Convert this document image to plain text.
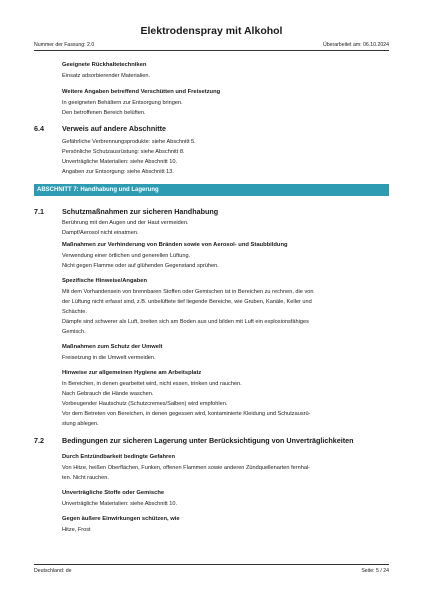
Elektrodenspray mit Alkohol
Nummer der Fassung: 2.0	Überarbeitet am: 06.10.2024
Geeignete Rückhaltetechniken
Einsatz adsorbierender Materialien.
Weitere Angaben betreffend Verschütten und Freisetzung
In geeigneten Behältern zur Entsorgung bringen.
Den betroffenen Bereich belüften.
6.4	Verweis auf andere Abschnitte
Gefährliche Verbrennungsprodukte: siehe Abschnitt 5.
Persönliche Schutzausrüstung: siehe Abschnitt 8.
Unverträgliche Materialien: siehe Abschnitt 10.
Angaben zur Entsorgung: siehe Abschnitt 13.
ABSCHNITT 7: Handhabung und Lagerung
7.1	Schutzmaßnahmen zur sicheren Handhabung
Berührung mit den Augen und der Haut vermeiden.
Dampf/Aerosol nicht einatmen.
Maßnahmen zur Verhinderung von Bränden sowie von Aerosol- und Staubbildung
Verwendung einer örtlichen und generellen Lüftung.
Nicht gegen Flamme oder auf glühenden Gegenstand sprühen.
Spezifische Hinweise/Angaben
Mit dem Vorhandensein von brennbaren Stoffen oder Gemischen ist in Bereichen zu rechnen, die von
der Lüftung nicht erfasst sind, z.B. unbelüftete tief liegende Bereiche, wie Gruben, Kanäle, Keller und
Schächte.
Dämpfe sind schwerer als Luft, breiten sich am Boden aus und bilden mit Luft ein explosionsfähiges
Gemisch.
Maßnahmen zum Schutz der Umwelt
Freisetzung in die Umwelt vermeiden.
Hinweise zur allgemeinen Hygiene am Arbeitsplatz
In Bereichen, in denen gearbeitet wird, nicht essen, trinken und rauchen.
Nach Gebrauch die Hände waschen.
Vorbeugender Hautschutz (Schutzcremes/Salben) wird empfohlen.
Vor dem Betreten von Bereichen, in denen gegessen wird, kontaminierte Kleidung und Schutzausrü-
stung ablegen.
7.2	Bedingungen zur sicheren Lagerung unter Berücksichtigung von Unverträglichkeiten
Durch Entzündbarkeit bedingte Gefahren
Von Hitze, heißen Oberflächen, Funken, offenen Flammen sowie anderen Zündquellenarten fernhal-
ten. Nicht rauchen.
Unverträgliche Stoffe oder Gemische
Unverträgliche Materialien: siehe Abschnitt 10.
Gegen äußere Einwirkungen schützen, wie
Hitze, Frost
Deutschland: de	Seite: 5 / 24
